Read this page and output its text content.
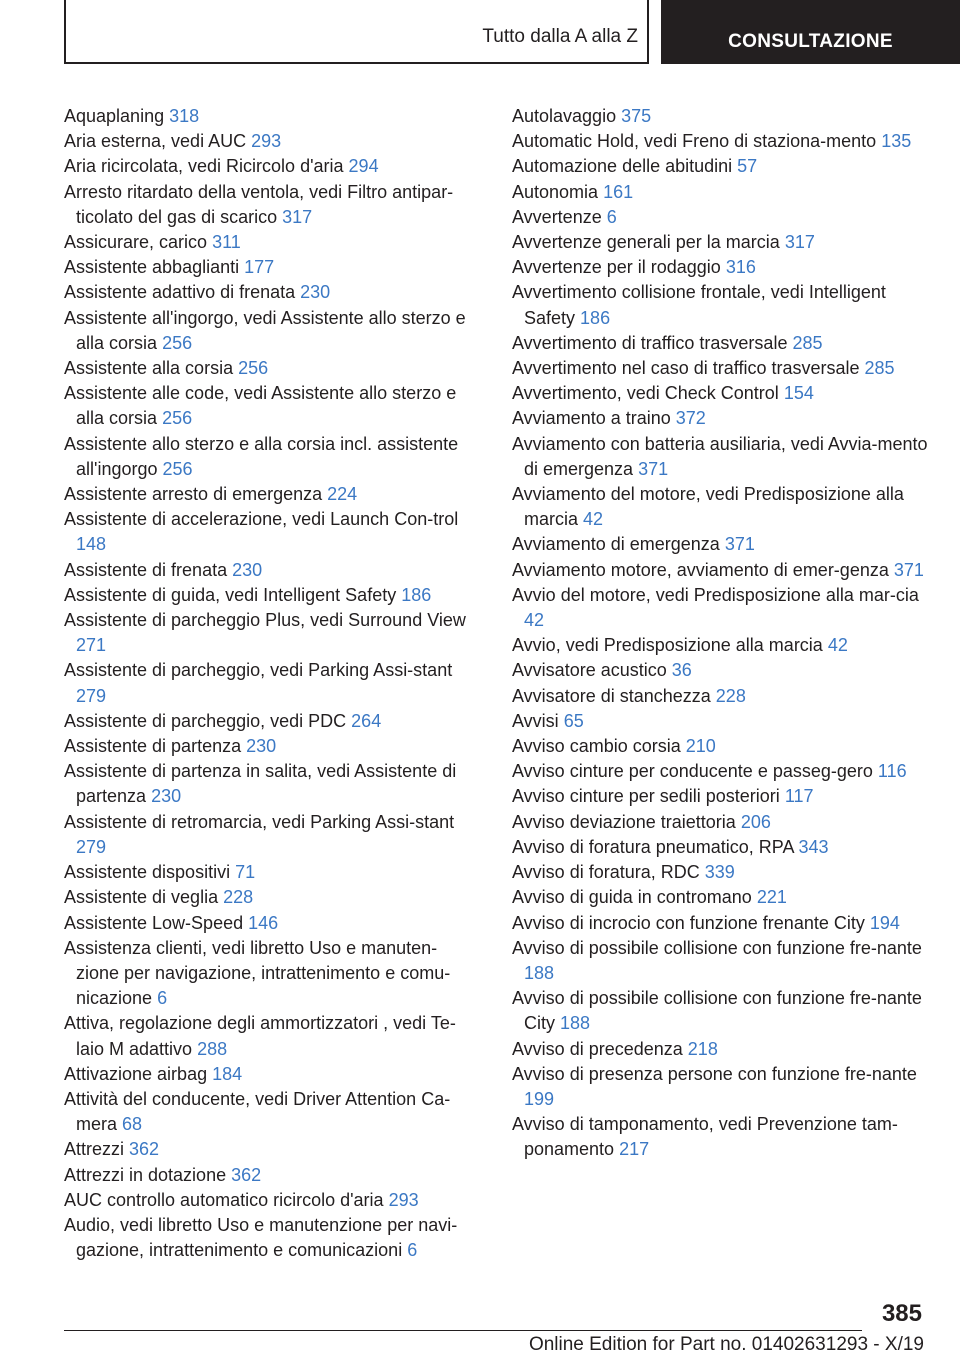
Tutto dalla A alla Z	CONSULTAZIONE
Aquaplaning 318
Aria esterna, vedi AUC 293
Aria ricircolata, vedi Ricircolo d'aria 294
Arresto ritardato della ventola, vedi Filtro antipar‐ticolato del gas di scarico 317
Assicurare, carico 311
Assistente abbaglianti 177
Assistente adattivo di frenata 230
Assistente all'ingorgo, vedi Assistente allo sterzo e alla corsia 256
Assistente alla corsia 256
Assistente alle code, vedi Assistente allo sterzo e alla corsia 256
Assistente allo sterzo e alla corsia incl. assistente all'ingorgo 256
Assistente arresto di emergenza 224
Assistente di accelerazione, vedi Launch Con‐trol 148
Assistente di frenata 230
Assistente di guida, vedi Intelligent Safety 186
Assistente di parcheggio Plus, vedi Surround View 271
Assistente di parcheggio, vedi Parking Assi‐stant 279
Assistente di parcheggio, vedi PDC 264
Assistente di partenza 230
Assistente di partenza in salita, vedi Assistente di partenza 230
Assistente di retromarcia, vedi Parking Assi‐stant 279
Assistente dispositivi 71
Assistente di veglia 228
Assistente Low-Speed 146
Assistenza clienti, vedi libretto Uso e manuten‐zione per navigazione, intrattenimento e comu‐nicazione 6
Attiva, regolazione degli ammortizzatori , vedi Te‐laio M adattivo 288
Attivazione airbag 184
Attività del conducente, vedi Driver Attention Ca‐mera 68
Attrezzi 362
Attrezzi in dotazione 362
AUC controllo automatico ricircolo d'aria 293
Audio, vedi libretto Uso e manutenzione per navi‐gazione, intrattenimento e comunicazioni 6
Autolavaggio 375
Automatic Hold, vedi Freno di staziona‐mento 135
Automazione delle abitudini 57
Autonomia 161
Avvertenze 6
Avvertenze generali per la marcia 317
Avvertenze per il rodaggio 316
Avvertimento collisione frontale, vedi Intelligent Safety 186
Avvertimento di traffico trasversale 285
Avvertimento nel caso di traffico trasversale 285
Avvertimento, vedi Check Control 154
Avviamento a traino 372
Avviamento con batteria ausiliaria, vedi Avvia‐mento di emergenza 371
Avviamento del motore, vedi Predisposizione alla marcia 42
Avviamento di emergenza 371
Avviamento motore, avviamento di emer‐genza 371
Avvio del motore, vedi Predisposizione alla mar‐cia 42
Avvio, vedi Predisposizione alla marcia 42
Avvisatore acustico 36
Avvisatore di stanchezza 228
Avvisi 65
Avviso cambio corsia 210
Avviso cinture per conducente e passeg‐gero 116
Avviso cinture per sedili posteriori 117
Avviso deviazione traiettoria 206
Avviso di foratura pneumatico, RPA 343
Avviso di foratura, RDC 339
Avviso di guida in contromano 221
Avviso di incrocio con funzione frenante City 194
Avviso di possibile collisione con funzione fre‐nante 188
Avviso di possibile collisione con funzione fre‐nante City 188
Avviso di precedenza 218
Avviso di presenza persone con funzione fre‐nante 199
Avviso di tamponamento, vedi Prevenzione tam‐ponamento 217
385
Online Edition for Part no. 01402631293 - X/19
